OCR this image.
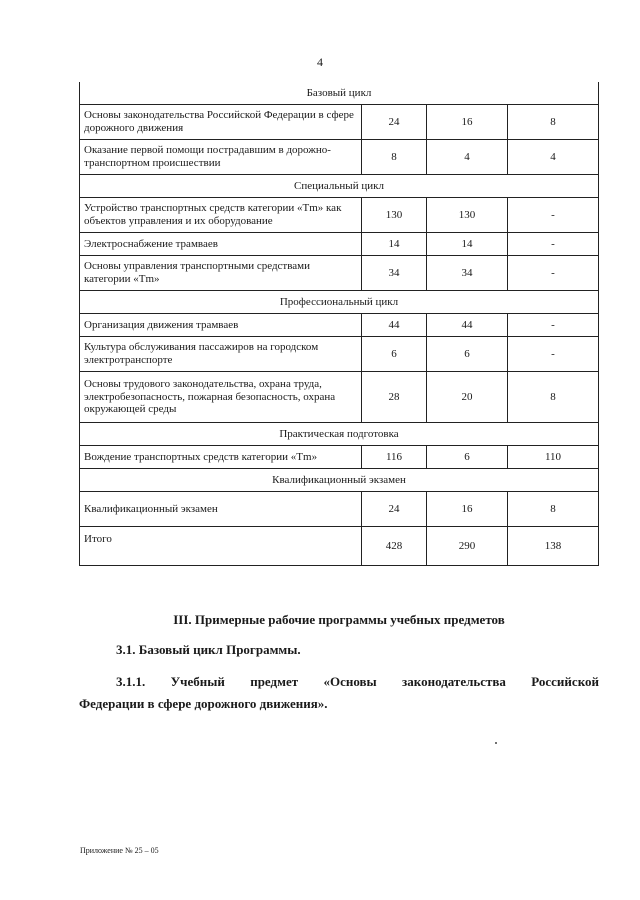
4
Базовый цикл			
Основы законодательства Российской Федерации в сфере дорожного движения	24	16	8
Оказание первой помощи пострадавшим в дорожно-транспортном происшествии	8	4	4
Специальный цикл			
Устройство транспортных средств категории «Tm» как объектов управления и их оборудование	130	130	-
Электроснабжение трамваев	14	14	-
Основы управления транспортными средствами категории «Tm»	34	34	-
Профессиональный цикл			
Организация движения трамваев	44	44	-
Культура обслуживания пассажиров на городском электротранспорте	6	6	-
Основы трудового законодательства, охрана труда, электробезопасность, пожарная безопасность, охрана окружающей среды	28	20	8
Практическая подготовка			
Вождение транспортных средств категории «Tm»	116	6	110
Квалификационный экзамен			
Квалификационный экзамен	24	16	8
Итого	428	290	138

III. Примерные рабочие программы учебных предметов

3.1. Базовый цикл Программы.

3.1.1. Учебный предмет «Основы законодательства Российской

Федерации в сфере дорожного движения».

Приложение № 25 – 05
